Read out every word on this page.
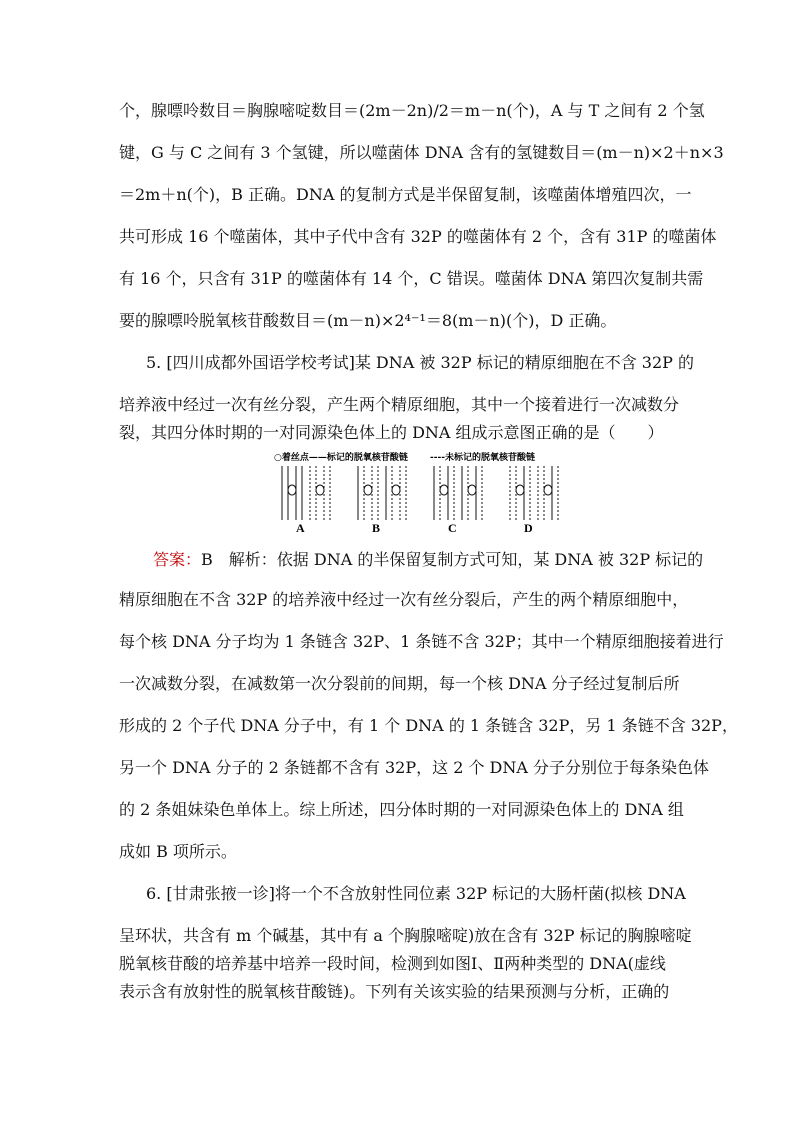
个，腺嘌呤数目＝胸腺嘧啶数目＝(2m－2n)/2＝m－n(个)，A 与 T 之间有 2 个氢
键，G 与 C 之间有 3 个氢键，所以噬菌体 DNA 含有的氢键数目＝(m－n)×2＋n×3
＝2m＋n(个)，B 正确。DNA 的复制方式是半保留复制，该噬菌体增殖四次，一
共可形成 16 个噬菌体，其中子代中含有 32P 的噬菌体有 2 个，含有 31P 的噬菌体
有 16 个，只含有 31P 的噬菌体有 14 个，C 错误。噬菌体 DNA 第四次复制共需
要的腺嘌呤脱氧核苷酸数目＝(m－n)×2⁴⁻¹＝8(m－n)(个)，D 正确。
5. [四川成都外国语学校考试]某 DNA 被 32P 标记的精原细胞在不含 32P 的
培养液中经过一次有丝分裂，产生两个精原细胞，其中一个接着进行一次减数分
裂，其四分体时期的一对同源染色体上的 DNA 组成示意图正确的是（　　）
答案：B　解析：依据 DNA 的半保留复制方式可知，某 DNA 被 32P 标记的
精原细胞在不含 32P 的培养液中经过一次有丝分裂后，产生的两个精原细胞中，
每个核 DNA 分子均为 1 条链含 32P、1 条链不含 32P；其中一个精原细胞接着进行
一次减数分裂，在减数第一次分裂前的间期，每一个核 DNA 分子经过复制后所
形成的 2 个子代 DNA 分子中，有 1 个 DNA 的 1 条链含 32P，另 1 条链不含 32P，
另一个 DNA 分子的 2 条链都不含有 32P，这 2 个 DNA 分子分别位于每条染色体
的 2 条姐妹染色单体上。综上所述，四分体时期的一对同源染色体上的 DNA 组
成如 B 项所示。
6. [甘肃张掖一诊]将一个不含放射性同位素 32P 标记的大肠杆菌(拟核 DNA
呈环状，共含有 m 个碱基，其中有 a 个胸腺嘧啶)放在含有 32P 标记的胸腺嘧啶
脱氧核苷酸的培养基中培养一段时间，检测到如图Ⅰ、Ⅱ两种类型的 DNA(虚线
表示含有放射性的脱氧核苷酸链)。下列有关该实验的结果预测与分析，正确的
○着丝点——标记的脱氧核苷酸链 ----未标记的脱氧核苷酸链
A	B	C	D
